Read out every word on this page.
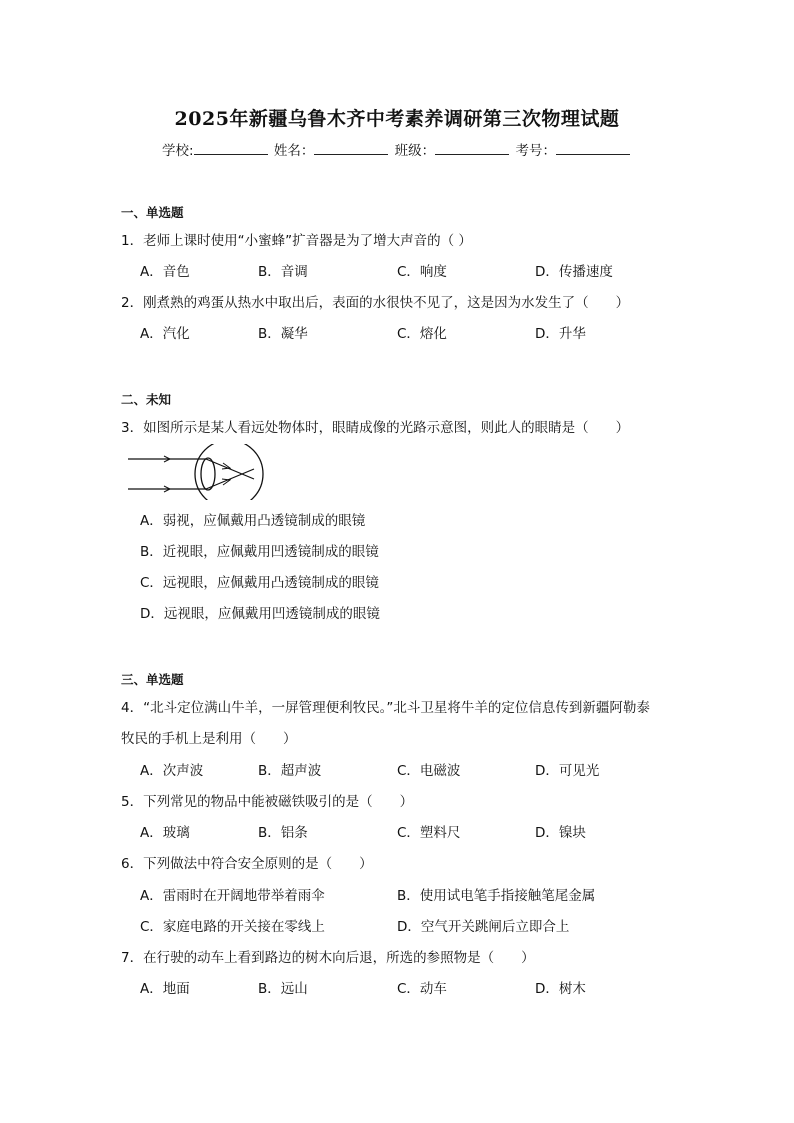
2025年新疆乌鲁木齐中考素养调研第三次物理试题
学校:	姓名：	班级：	考号：
一、单选题
1．老师上课时使用“小蜜蜂”扩音器是为了增大声音的（ ）
A．音色	B．音调	C．响度	D．传播速度
2．刚煮熟的鸡蛋从热水中取出后，表面的水很快不见了，这是因为水发生了（　　）
A．汽化	B．凝华	C．熔化	D．升华
二、未知
3．如图所示是某人看远处物体时，眼睛成像的光路示意图，则此人的眼睛是（　　）
A．弱视，应佩戴用凸透镜制成的眼镜
B．近视眼，应佩戴用凹透镜制成的眼镜
C．远视眼，应佩戴用凸透镜制成的眼镜
D．远视眼，应佩戴用凹透镜制成的眼镜
三、单选题
4．“北斗定位满山牛羊，一屏管理便利牧民。”北斗卫星将牛羊的定位信息传到新疆阿勒泰
牧民的手机上是利用（　　）
A．次声波	B．超声波	C．电磁波	D．可见光
5．下列常见的物品中能被磁铁吸引的是（　　）
A．玻璃	B．铝条	C．塑料尺	D．镍块
6．下列做法中符合安全原则的是（　　）
A．雷雨时在开阔地带举着雨伞	B．使用试电笔手指接触笔尾金属
C．家庭电路的开关接在零线上	D．空气开关跳闸后立即合上
7．在行驶的动车上看到路边的树木向后退，所选的参照物是（　　）
A．地面	B．远山	C．动车	D．树木
